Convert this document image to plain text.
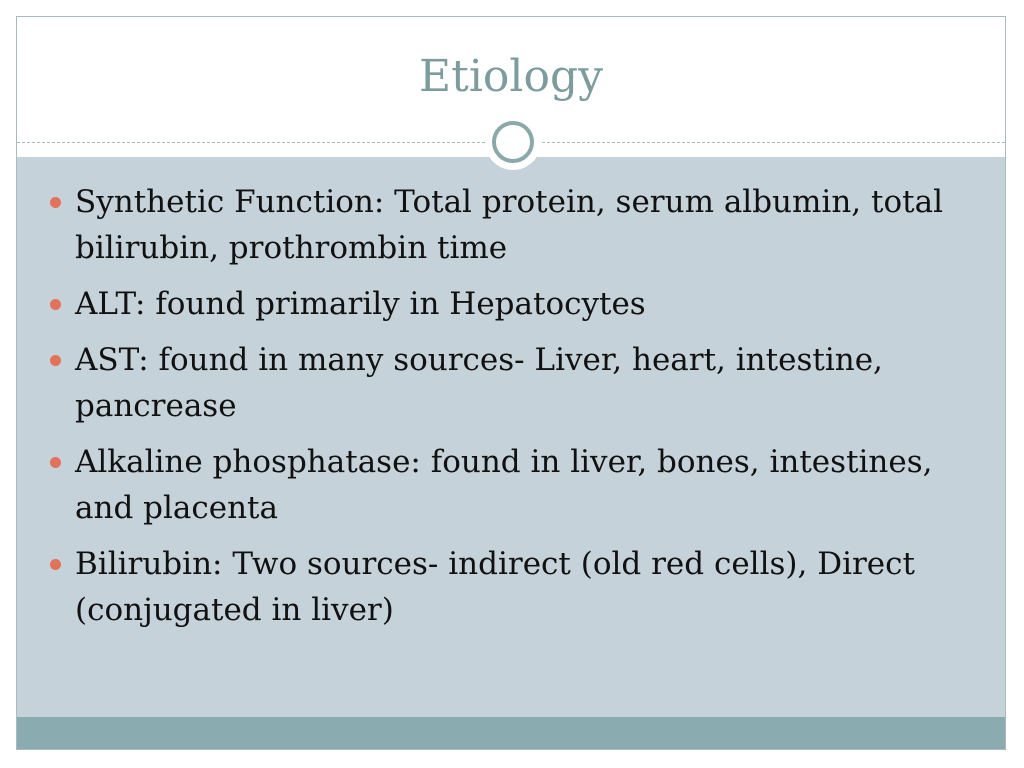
Etiology
Synthetic Function: Total protein, serum albumin, total bilirubin, prothrombin time
ALT: found primarily in Hepatocytes
AST: found in many sources- Liver, heart, intestine, pancrease
Alkaline phosphatase: found in liver, bones, intestines, and placenta
Bilirubin: Two sources- indirect (old red cells), Direct (conjugated in liver)
